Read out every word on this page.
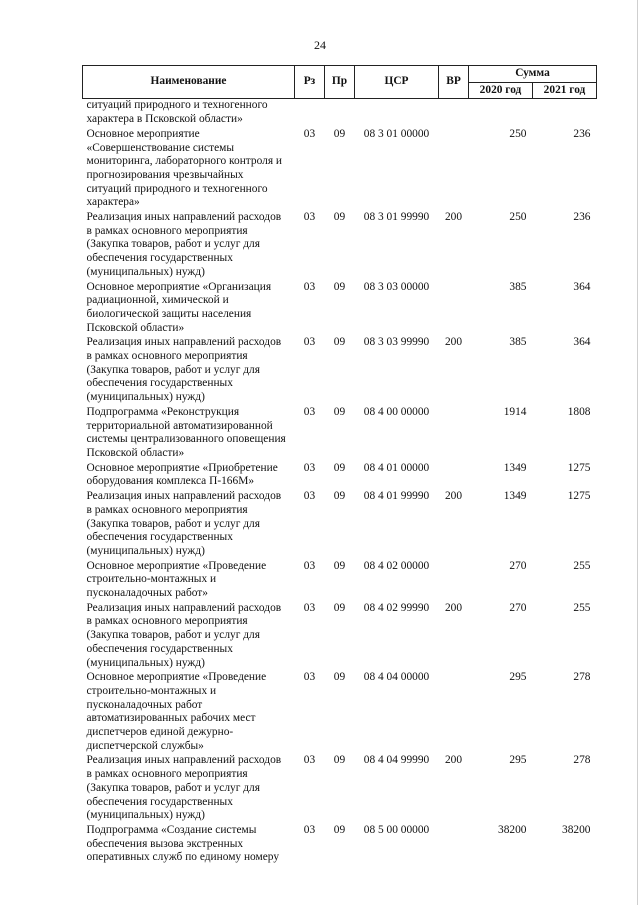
24
Наименование	Рз	Пр	ЦСР	ВР	Сумма	
					2020 год	2021 год
ситуаций природного и техногенного характера в Псковской области»						
Основное мероприятие «Совершенствование системы мониторинга, лабораторного контроля и прогнозирования чрезвычайных ситуаций природного и техногенного характера»	03	09	08 3 01 00000		250	236
Реализация иных направлений расходов в рамках основного мероприятия (Закупка товаров, работ и услуг для обеспечения государственных (муниципальных) нужд)	03	09	08 3 01 99990	200	250	236
Основное мероприятие «Организация радиационной, химической и биологической защиты населения Псковской области»	03	09	08 3 03 00000		385	364
Реализация иных направлений расходов в рамках основного мероприятия (Закупка товаров, работ и услуг для обеспечения государственных (муниципальных) нужд)	03	09	08 3 03 99990	200	385	364
Подпрограмма «Реконструкция территориальной автоматизированной системы централизованного оповещения Псковской области»	03	09	08 4 00 00000		1914	1808
Основное мероприятие «Приобретение оборудования комплекса П-166М»	03	09	08 4 01 00000		1349	1275
Реализация иных направлений расходов в рамках основного мероприятия (Закупка товаров, работ и услуг для обеспечения государственных (муниципальных) нужд)	03	09	08 4 01 99990	200	1349	1275
Основное мероприятие «Проведение строительно-монтажных и пусконаладочных работ»	03	09	08 4 02 00000		270	255
Реализация иных направлений расходов в рамках основного мероприятия (Закупка товаров, работ и услуг для обеспечения государственных (муниципальных) нужд)	03	09	08 4 02 99990	200	270	255
Основное мероприятие «Проведение строительно-монтажных и пусконаладочных работ автоматизированных рабочих мест диспетчеров единой дежурно-диспетчерской службы»	03	09	08 4 04 00000		295	278
Реализация иных направлений расходов в рамках основного мероприятия (Закупка товаров, работ и услуг для обеспечения государственных (муниципальных) нужд)	03	09	08 4 04 99990	200	295	278
Подпрограмма «Создание системы обеспечения вызова экстренных оперативных служб по единому номеру	03	09	08 5 00 00000		38200	38200
